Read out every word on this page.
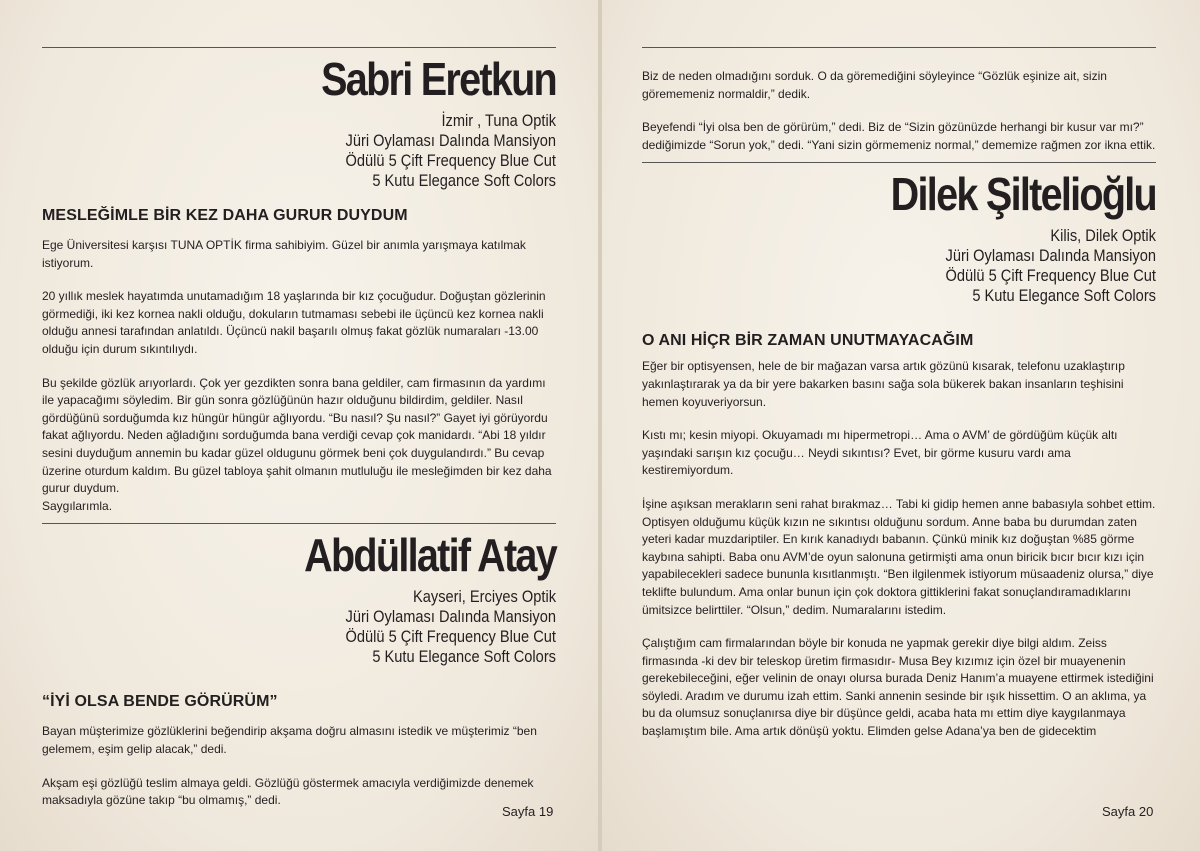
Sabri Eretkun
İzmir , Tuna Optik
Jüri Oylaması Dalında Mansiyon
Ödülü 5 Çift Frequency Blue Cut
5 Kutu Elegance Soft Colors
MESLEĞİMLE BİR KEZ DAHA GURUR DUYDUM
Ege Üniversitesi karşısı TUNA OPTİK firma sahibiyim. Güzel bir anımla yarışmaya katılmak istiyorum.
20 yıllık meslek hayatımda unutamadığım 18 yaşlarında bir kız çocuğudur. Doğuştan gözlerinin görmediği, iki kez kornea nakli olduğu, dokuların tutmaması sebebi ile üçüncü kez kornea nakli olduğu annesi tarafından anlatıldı. Üçüncü nakil başarılı olmuş fakat gözlük numaraları -13.00 olduğu için durum sıkıntılıydı.
Bu şekilde gözlük arıyorlardı. Çok yer gezdikten sonra bana geldiler, cam firmasının da yardımı ile yapacağımı söyledim. Bir gün sonra gözlüğünün hazır olduğunu bildirdim, geldiler. Nasıl gördüğünü sorduğumda kız hüngür hüngür ağlıyordu. “Bu nasıl? Şu nasıl?” Gayet iyi görüyordu fakat ağlıyordu. Neden ağladığını sorduğumda bana verdiği cevap çok manidardı. “Abi 18 yıldır sesini duyduğum annemin bu kadar güzel oldugunu görmek beni çok duygulandırdı.” Bu cevap üzerine oturdum kaldım. Bu güzel tabloya şahit olmanın mutluluğu ile mesleğimden bir kez daha gurur duydum.
Saygılarımla.
Abdüllatif Atay
Kayseri, Erciyes Optik
Jüri Oylaması Dalında Mansiyon
Ödülü 5 Çift Frequency Blue Cut
5 Kutu Elegance Soft Colors
“İYİ OLSA BENDE GÖRÜRÜM”
Bayan müşterimize gözlüklerini beğendirip akşama doğru almasını istedik ve müşterimiz “ben gelemem, eşim gelip alacak,” dedi.
Akşam eşi gözlüğü teslim almaya geldi. Gözlüğü göstermek amacıyla verdiğimizde denemek maksadıyla gözüne takıp “bu olmamış,” dedi.
Sayfa 19
Biz de neden olmadığını sorduk. O da göremediğini söyleyince “Gözlük eşinize ait, sizin görememeniz normaldir,” dedik.
Beyefendi “İyi olsa ben de görürüm,” dedi. Biz de “Sizin gözünüzde herhangi bir kusur var mı?” dediğimizde “Sorun yok,” dedi. “Yani sizin görmemeniz normal,” dememize rağmen zor ikna ettik.
Dilek Şiltelioğlu
Kilis, Dilek Optik
Jüri Oylaması Dalında Mansiyon
Ödülü 5 Çift Frequency Blue Cut
5 Kutu Elegance Soft Colors
O ANI HİÇR BİR ZAMAN UNUTMAYACAĞIM
Eğer bir optisyensen, hele de bir mağazan varsa artık gözünü kısarak, telefonu uzaklaştırıp yakınlaştırarak ya da bir yere bakarken basını sağa sola bükerek bakan insanların teşhisini hemen koyuveriyorsun.
Kıstı mı; kesin miyopi. Okuyamadı mı hipermetropi… Ama o AVM’ de gördüğüm küçük altı yaşındaki sarışın kız çocuğu… Neydi sıkıntısı? Evet, bir görme kusuru vardı ama kestiremiyordum.
İşine aşıksan merakların seni rahat bırakmaz… Tabi ki gidip hemen anne babasıyla sohbet ettim. Optisyen olduğumu küçük kızın ne sıkıntısı olduğunu sordum. Anne baba bu durumdan zaten yeteri kadar muzdariptiler. En kırık kanadıydı babanın. Çünkü minik kız doğuştan %85 görme kaybına sahipti. Baba onu AVM’de oyun salonuna getirmişti ama onun biricik bıcır bıcır kızı için yapabilecekleri sadece bununla kısıtlanmıştı. “Ben ilgilenmek istiyorum müsaadeniz olursa,” diye teklifte bulundum. Ama onlar bunun için çok doktora gittiklerini fakat sonuçlandıramadıklarını ümitsizce belirttiler. “Olsun,” dedim. Numaralarını istedim.
Çalıştığım cam firmalarından böyle bir konuda ne yapmak gerekir diye bilgi aldım. Zeiss firmasında -ki dev bir teleskop üretim firmasıdır- Musa Bey kızımız için özel bir muayenenin gerekebileceğini, eğer velinin de onayı olursa burada Deniz Hanım’a muayene ettirmek istediğini söyledi. Aradım ve durumu izah ettim. Sanki annenin sesinde bir ışık hissettim. O an aklıma, ya bu da olumsuz sonuçlanırsa diye bir düşünce geldi, acaba hata mı ettim diye kaygılanmaya başlamıştım bile. Ama artık dönüşü yoktu. Elimden gelse Adana’ya ben de gidecektim
Sayfa 20
